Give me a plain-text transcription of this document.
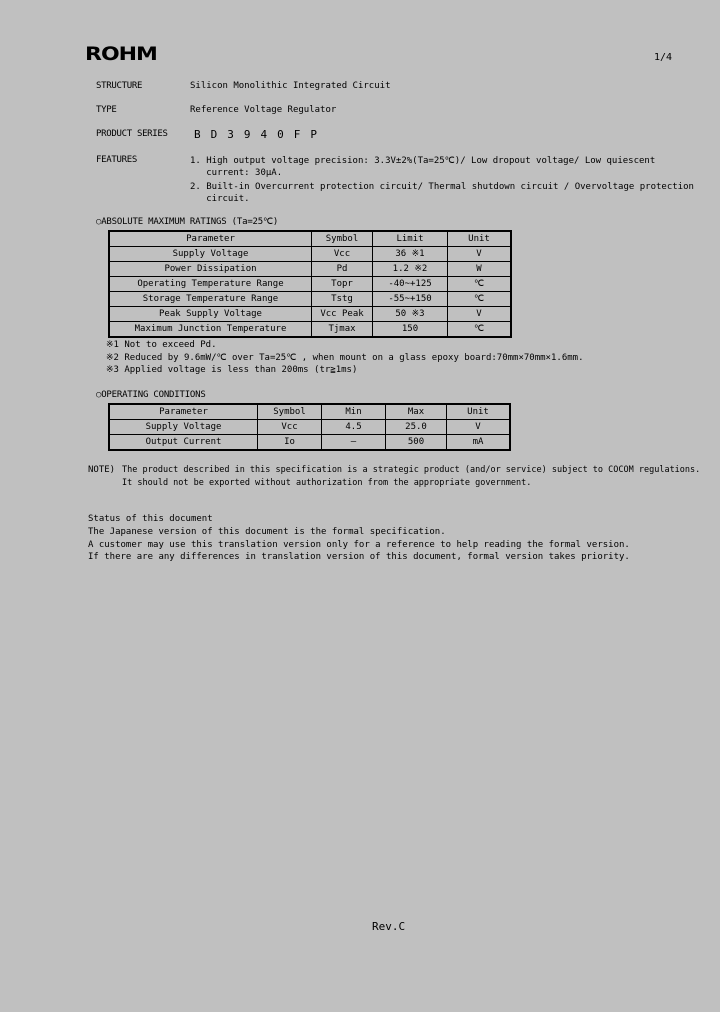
ROHM	1/4
STRUCTURE	Silicon Monolithic Integrated Circuit
TYPE	Reference Voltage Regulator
PRODUCT SERIES BD3940FP
FEATURES	1. High output voltage precision: 3.3V±2%(Ta=25℃)/ Low dropout voltage/ Low quiescent
current: 30μA.
2. Built-in Overcurrent protection circuit/ Thermal shutdown circuit / Overvoltage protection
circuit.
○ABSOLUTE MAXIMUM RATINGS (Ta=25℃)
Parameter	Symbol	Limit	Unit
Supply Voltage	Vcc	36 ※1	V
Power Dissipation	Pd	1.2 ※2	W
Operating Temperature Range	Topr	-40~+125	℃
Storage Temperature Range	Tstg	-55~+150	℃
Peak Supply Voltage	Vcc Peak	50 ※3	V
Maximum Junction Temperature	Tjmax	150	℃
※1 Not to exceed Pd.
※2 Reduced by 9.6mW/℃ over Ta=25℃ , when mount on a glass epoxy board:70mm×70mm×1.6mm.
※3 Applied voltage is less than 200ms (tr≧1ms)
○OPERATING CONDITIONS
Parameter	Symbol	Min	Max	Unit
Supply Voltage	Vcc	4.5	25.0	V
Output Current	Io	—	500	mA
NOTE) The product described in this specification is a strategic product (and/or service) subject to COCOM regulations.
It should not be exported without authorization from the appropriate government.
Status of this document
The Japanese version of this document is the formal specification.
A customer may use this translation version only for a reference to help reading the formal version.
If there are any differences in translation version of this document, formal version takes priority.
Rev.C
